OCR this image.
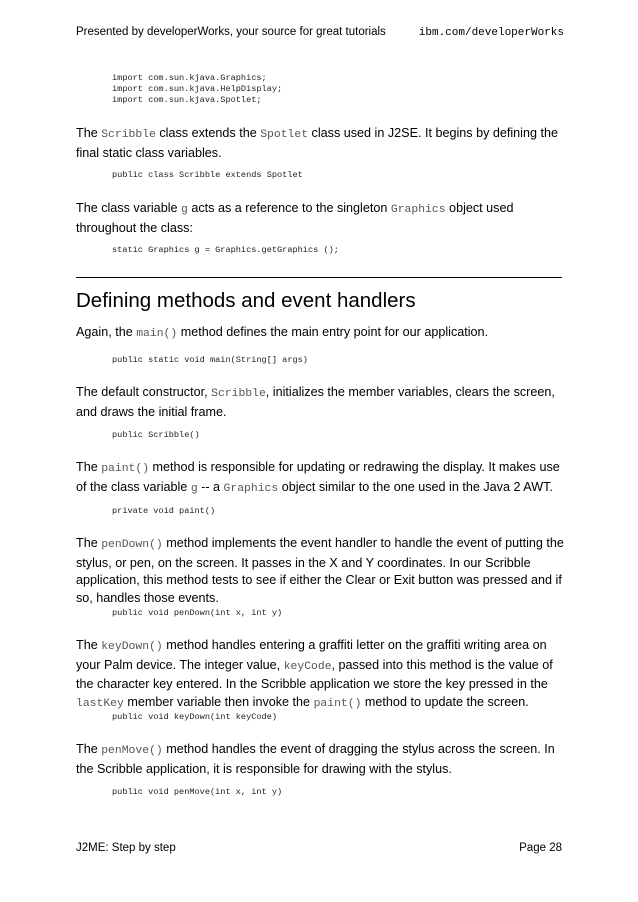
Presented by developerWorks, your source for great tutorials	ibm.com/developerWorks
import com.sun.kjava.Graphics;
import com.sun.kjava.HelpDisplay;
import com.sun.kjava.Spotlet;
The Scribble class extends the Spotlet class used in J2SE. It begins by defining the final static class variables.
public class Scribble extends Spotlet
The class variable g acts as a reference to the singleton Graphics object used throughout the class:
static Graphics g = Graphics.getGraphics ();
Defining methods and event handlers
Again, the main() method defines the main entry point for our application.
public static void main(String[] args)
The default constructor, Scribble, initializes the member variables, clears the screen, and draws the initial frame.
public Scribble()
The paint() method is responsible for updating or redrawing the display. It makes use of the class variable g -- a Graphics object similar to the one used in the Java 2 AWT.
private void paint()
The penDown() method implements the event handler to handle the event of putting the stylus, or pen, on the screen. It passes in the X and Y coordinates. In our Scribble application, this method tests to see if either the Clear or Exit button was pressed and if so, handles those events.
public void penDown(int x, int y)
The keyDown() method handles entering a graffiti letter on the graffiti writing area on your Palm device. The integer value, keyCode, passed into this method is the value of the character key entered. In the Scribble application we store the key pressed in the lastKey member variable then invoke the paint() method to update the screen.
public void keyDown(int keyCode)
The penMove() method handles the event of dragging the stylus across the screen. In the Scribble application, it is responsible for drawing with the stylus.
public void penMove(int x, int y)
J2ME: Step by step	Page 28
